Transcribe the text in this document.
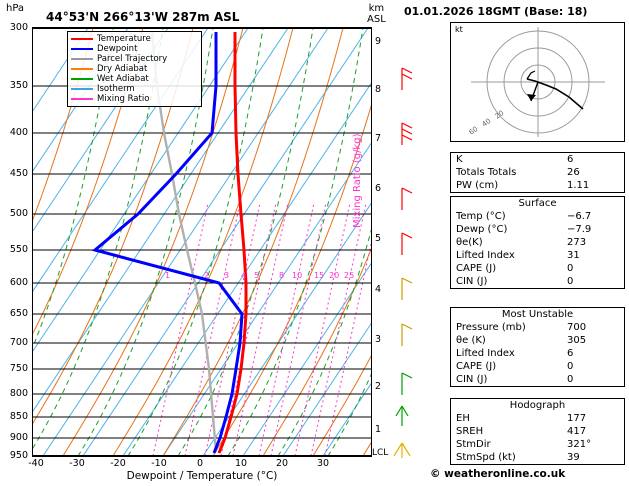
hPa	km
ASL
44°53'N 266°13'W 287m ASL
1	2 3 4 5 8 10 15 20 25
Temperature
Dewpoint
Parcel Trajectory
Dry Adiabat
Wet Adiabat
Isotherm
Mixing Ratio
300
350
400
450
500
550
600
650
700
750
800
850
900
950
9
8
7
6
5
4
3
2
1
Mixing Ratio (g/kg)
LCL
-40	-30	-20	-10	0	10	20	30
Dewpoint / Temperature (°C)
01.01.2026 18GMT (Base: 18)
20
40
60
kt
K	6
Totals Totals	26
PW (cm)	1.11
Surface
Temp (°C)	−6.7
Dewp (°C)	−7.9
θe(K)	273
Lifted Index	31
CAPE (J)	0
CIN (J)	0
Most Unstable
Pressure (mb)	700
θe (K)	305
Lifted Index	6
CAPE (J)	0
CIN (J)	0
Hodograph
EH	177
SREH	417
StmDir	321°
StmSpd (kt)	39
© weatheronline.co.uk
